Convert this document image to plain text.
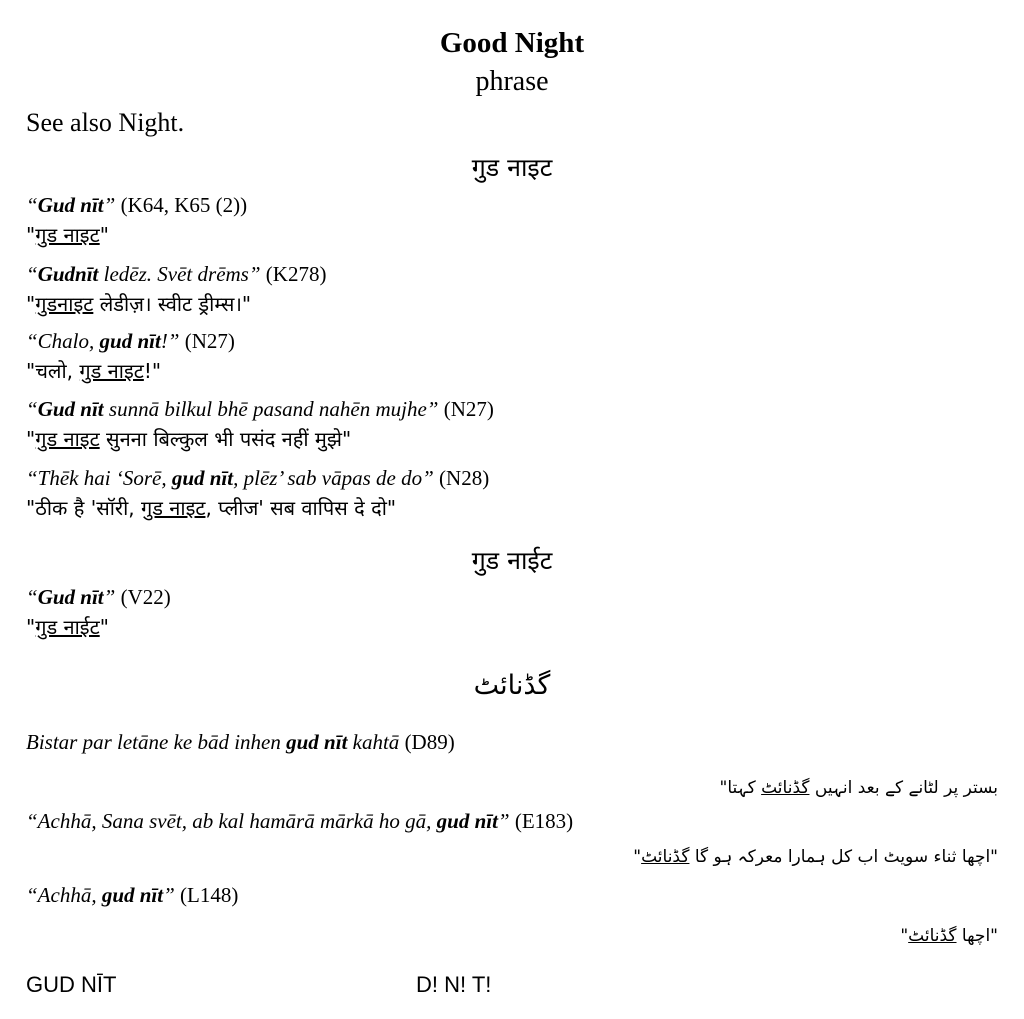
Good Night
phrase
See also Night.
गुड नाइट
“Gud nīt” (K64, K65 (2))
"गुड नाइट"
“Gudnīt ledēz. Svēt drēms” (K278)
"गुडनाइट लेडीज़। स्वीट ड्रीम्स।"
“Chalo, gud nīt!” (N27)
"चलो, गुड नाइट!"
“Gud nīt sunnā bilkul bhē pasand nahēn mujhe” (N27)
"गुड नाइट सुनना बिल्कुल भी पसंद नहीं मुझे"
“Thēk hai ‘Sorē, gud nīt, plēz’ sab vāpas de do” (N28)
"ठीक है 'सॉरी, गुड नाइट, प्लीज' सब वापिस दे दो"
गुड नाईट
“Gud nīt” (V22)
"गुड नाईट"
گڈنائٹ
Bistar par letāne ke bād inhen gud nīt kahtā (D89)
بستر پر لٹانے کے بعد انہیں گڈنائٹ کہتا"
“Achhā, Sana svēt, ab kal hamārā mārkā ho gā, gud nīt” (E183)
"اچھا ثناء سویٹ اب کل ہمارا معرکہ ہو گا گڈنائٹ"
“Achhā, gud nīt” (L148)
"اچھا گڈنائٹ"
GUD NĪT	D! N! T!
